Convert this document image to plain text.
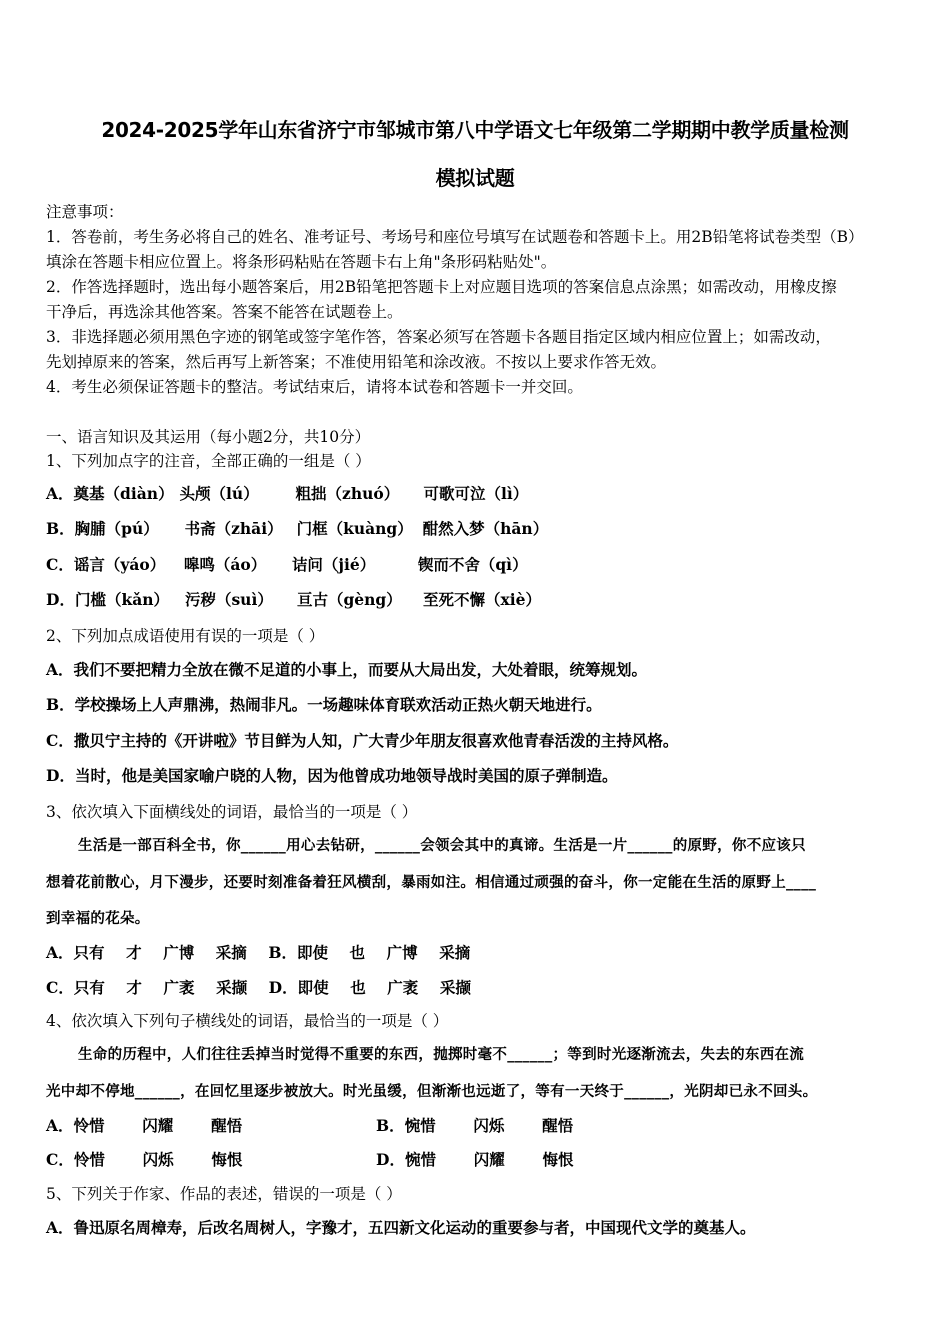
2024-2025学年山东省济宁市邹城市第八中学语文七年级第二学期期中教学质量检测
模拟试题
注意事项：
1．答卷前，考生务必将自己的姓名、准考证号、考场号和座位号填写在试题卷和答题卡上。用2B铅笔将试卷类型（B）
填涂在答题卡相应位置上。将条形码粘贴在答题卡右上角"条形码粘贴处"。
2．作答选择题时，选出每小题答案后，用2B铅笔把答题卡上对应题目选项的答案信息点涂黑；如需改动，用橡皮擦
干净后，再选涂其他答案。答案不能答在试题卷上。
3．非选择题必须用黑色字迹的钢笔或签字笔作答，答案必须写在答题卡各题目指定区域内相应位置上；如需改动，
先划掉原来的答案，然后再写上新答案；不准使用铅笔和涂改液。不按以上要求作答无效。
4．考生必须保证答题卡的整洁。考试结束后，请将本试卷和答题卡一并交回。
一、语言知识及其运用（每小题2分，共10分）
1、下列加点字的注音，全部正确的一组是（ ）
A．奠基（diàn） 头颅（lú） 粗拙（zhuó） 可歌可泣（lì）
B．胸脯（pú） 书斋（zhāi） 门框（kuàng） 酣然入梦（hān）
C．谣言（yáo） 嗥鸣（áo） 诘问（jié）	锲而不舍（qì）
D．门槛（kǎn） 污秽（suì） 亘古（gèng） 至死不懈（xiè）
2、下列加点成语使用有误的一项是（ ）
A．我们不要把精力全放在微不足道的小事上，而要从大局出发，大处着眼，统筹规划。
B．学校操场上人声鼎沸，热闹非凡。一场趣味体育联欢活动正热火朝天地进行。
C．撒贝宁主持的《开讲啦》节目鲜为人知，广大青少年朋友很喜欢他青春活泼的主持风格。
D．当时，他是美国家喻户晓的人物，因为他曾成功地领导战时美国的原子弹制造。
3、依次填入下面横线处的词语，最恰当的一项是（ ）
生活是一部百科全书，你______用心去钻研，______会领会其中的真谛。生活是一片______的原野，你不应该只
想着花前散心，月下漫步，还要时刻准备着狂风横刮，暴雨如注。相信通过顽强的奋斗，你一定能在生活的原野上____
到幸福的花朵。
A．只有    才    广博    采摘    B．即使    也    广博    采摘
C．只有    才    广袤    采撷    D．即使    也    广袤    采撷
4、依次填入下列句子横线处的词语，最恰当的一项是（ ）
生命的历程中，人们往往丢掉当时觉得不重要的东西，抛掷时毫不______；等到时光逐渐流去，失去的东西在流
光中却不停地______，在回忆里逐步被放大。时光虽缓，但渐渐也远逝了，等有一天终于______，光阴却已永不回头。
A．怜惜       闪耀       醒悟	B．惋惜       闪烁       醒悟
C．怜惜       闪烁       悔恨	D．惋惜       闪耀       悔恨
5、下列关于作家、作品的表述，错误的一项是（ ）
A．鲁迅原名周樟寿，后改名周树人，字豫才，五四新文化运动的重要参与者，中国现代文学的奠基人。
